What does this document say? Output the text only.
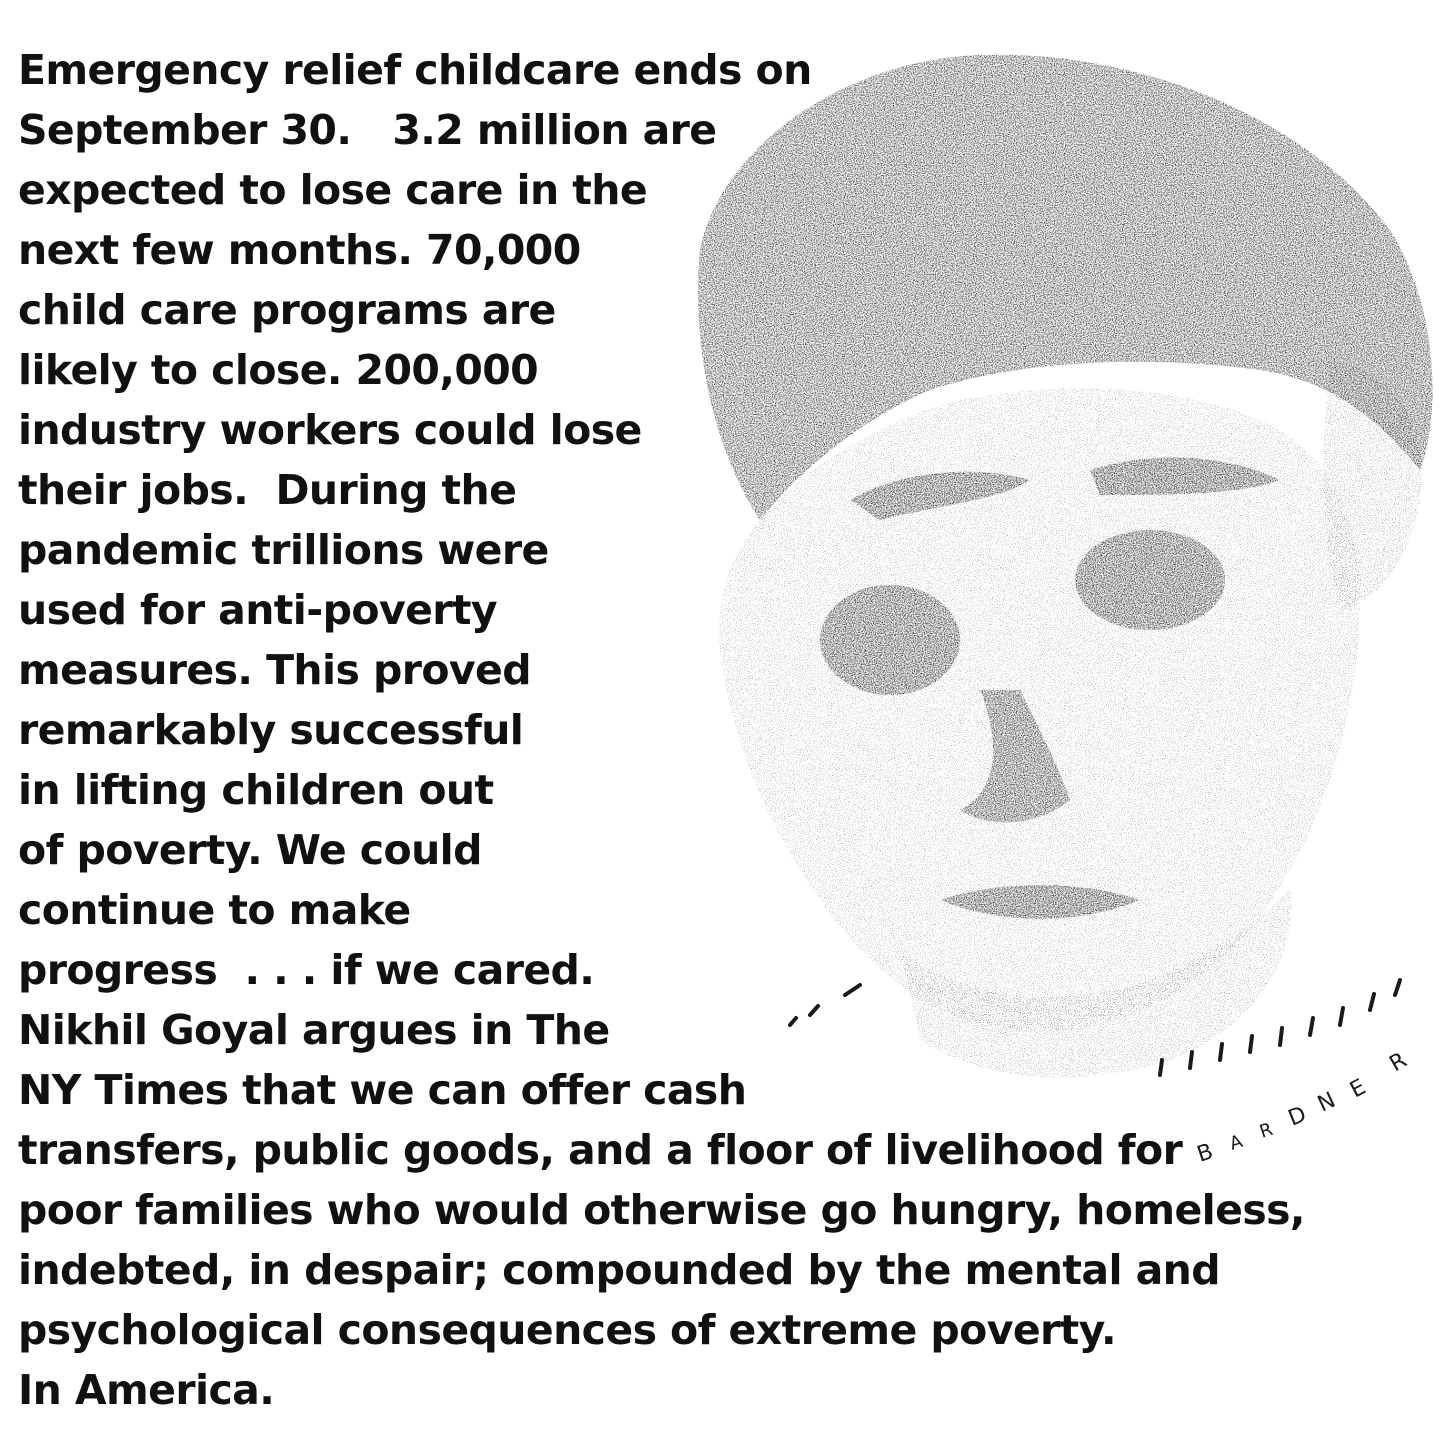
B A
R D N E
R
Emergency relief childcare ends on
September 30.   3.2 million are
expected to lose care in the
next few months. 70,000
child care programs are
likely to close. 200,000
industry workers could lose
their jobs.  During the
pandemic trillions were
used for anti-poverty
measures. This proved
remarkably successful
in lifting children out
of poverty. We could
continue to make
progress  . . . if we cared.
Nikhil Goyal argues in The
NY Times that we can offer cash
transfers, public goods, and a floor of livelihood for
poor families who would otherwise go hungry, homeless,
indebted, in despair; compounded by the mental and
psychological consequences of extreme poverty.
In America.
